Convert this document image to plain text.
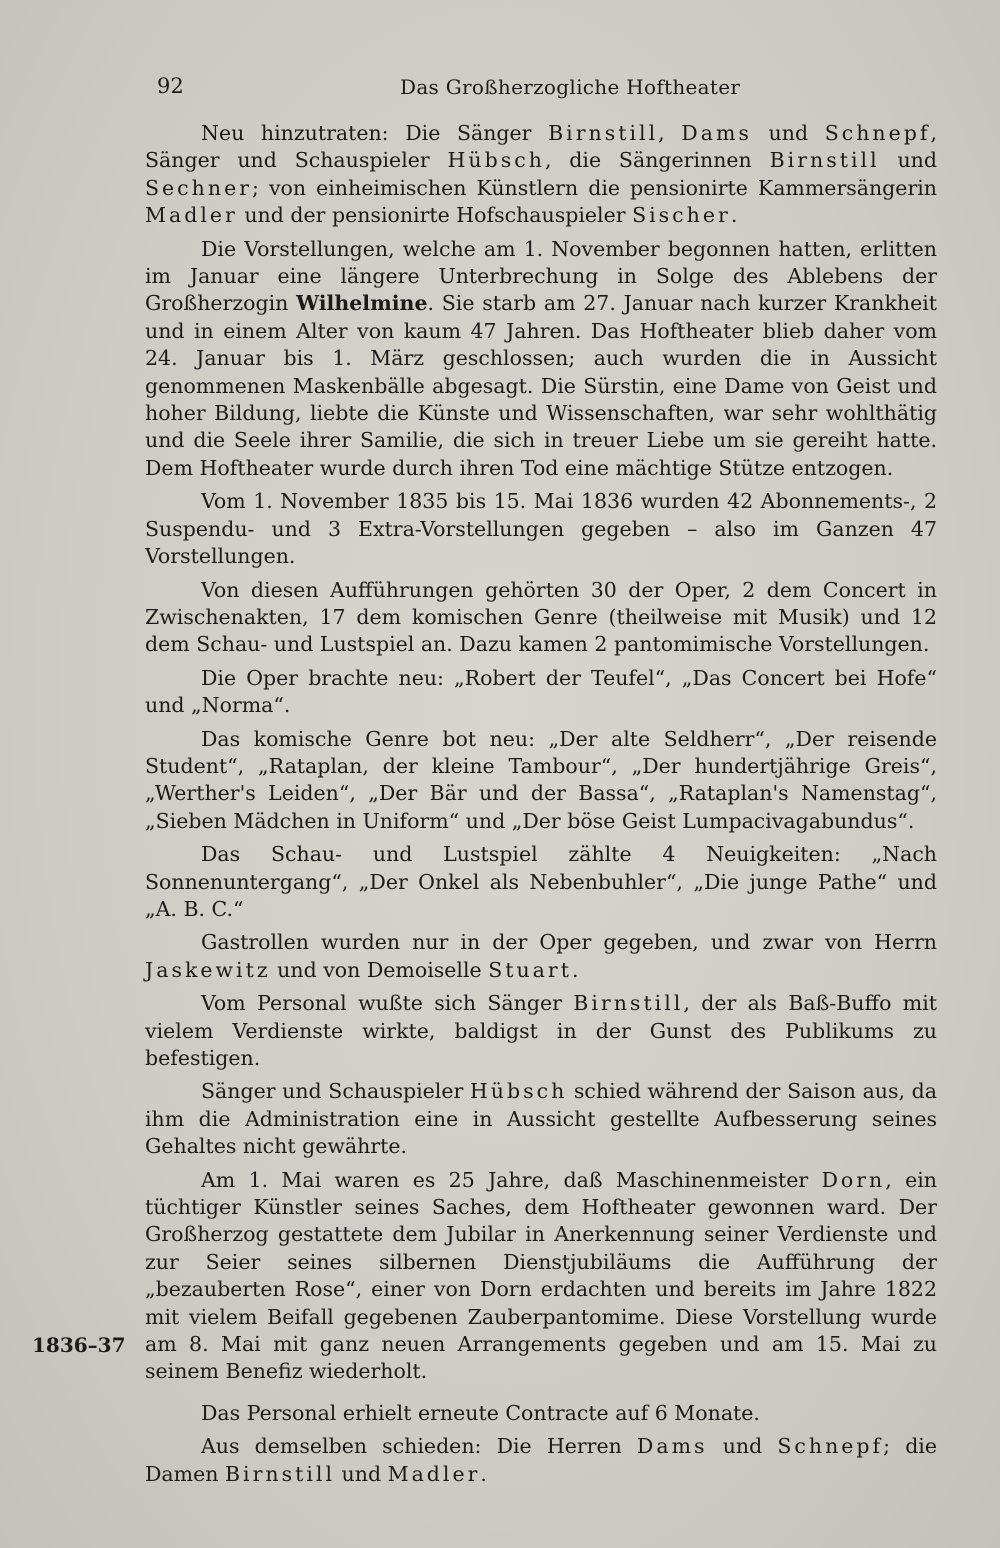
92	Das Großherzogliche Hoftheater
1836–37

Neu hinzutraten: Die Sänger Birnstill, Dams und Schnepf, Sänger und Schauspieler Hübsch, die Sängerinnen Birnstill und Sechner; von einheimischen Künstlern die pensionirte Kammersängerin Madler und der pensionirte Hofschauspieler Sischer.

Die Vorstellungen, welche am 1. November begonnen hatten, erlitten im Januar eine längere Unterbrechung in Solge des Ablebens der Großherzogin Wilhelmine. Sie starb am 27. Januar nach kurzer Krankheit und in einem Alter von kaum 47 Jahren. Das Hoftheater blieb daher vom 24. Januar bis 1. März geschlossen; auch wurden die in Aussicht genommenen Maskenbälle abgesagt. Die Sürstin, eine Dame von Geist und hoher Bildung, liebte die Künste und Wissenschaften, war sehr wohlthätig und die Seele ihrer Samilie, die sich in treuer Liebe um sie gereiht hatte. Dem Hoftheater wurde durch ihren Tod eine mächtige Stütze entzogen.

Vom 1. November 1835 bis 15. Mai 1836 wurden 42 Abonnements-, 2 Suspendu- und 3 Extra-Vorstellungen gegeben – also im Ganzen 47 Vorstellungen.

Von diesen Aufführungen gehörten 30 der Oper, 2 dem Concert in Zwischenakten, 17 dem komischen Genre (theilweise mit Musik) und 12 dem Schau- und Lustspiel an. Dazu kamen 2 pantomimische Vorstellungen.

Die Oper brachte neu: „Robert der Teufel“, „Das Concert bei Hofe“ und „Norma“.

Das komische Genre bot neu: „Der alte Seldherr“, „Der reisende Student“, „Rataplan, der kleine Tambour“, „Der hundertjährige Greis“, „Werther's Leiden“, „Der Bär und der Bassa“, „Rataplan's Namenstag“, „Sieben Mädchen in Uniform“ und „Der böse Geist Lumpacivagabundus“.

Das Schau- und Lustspiel zählte 4 Neuigkeiten: „Nach Sonnenuntergang“, „Der Onkel als Nebenbuhler“, „Die junge Pathe“ und „A. B. C.“

Gastrollen wurden nur in der Oper gegeben, und zwar von Herrn Jaskewitz und von Demoiselle Stuart.

Vom Personal wußte sich Sänger Birnstill, der als Baß-Buffo mit vielem Verdienste wirkte, baldigst in der Gunst des Publikums zu befestigen.

Sänger und Schauspieler Hübsch schied während der Saison aus, da ihm die Administration eine in Aussicht gestellte Aufbesserung seines Gehaltes nicht gewährte.

Am 1. Mai waren es 25 Jahre, daß Maschinenmeister Dorn, ein tüchtiger Künstler seines Saches, dem Hoftheater gewonnen ward. Der Großherzog gestattete dem Jubilar in Anerkennung seiner Verdienste und zur Seier seines silbernen Dienstjubiläums die Aufführung der „bezauberten Rose“, einer von Dorn erdachten und bereits im Jahre 1822 mit vielem Beifall gegebenen Zauberpantomime. Diese Vorstellung wurde am 8. Mai mit ganz neuen Arrangements gegeben und am 15. Mai zu seinem Benefiz wiederholt.

Das Personal erhielt erneute Contracte auf 6 Monate.

Aus demselben schieden: Die Herren Dams und Schnepf; die Damen Birnstill und Madler.
